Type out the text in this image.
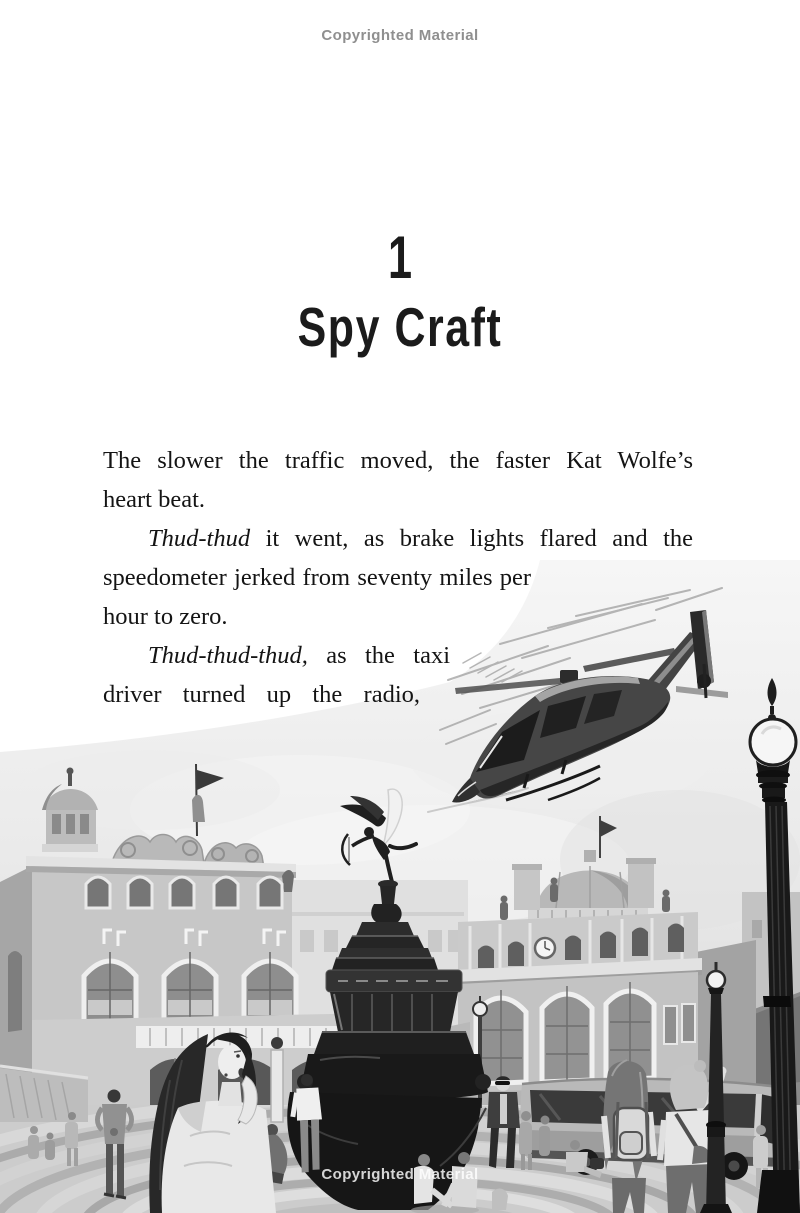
Copyrighted Material
1
Spy Craft
The slower the traffic moved, the faster Kat Wolfe’s
heart beat.
Thud-thud it went, as brake lights flared and the
speedometer jerked from seventy miles per
hour to zero.
Thud-thud-thud, as the taxi
driver turned up the radio,
Copyrighted Material
